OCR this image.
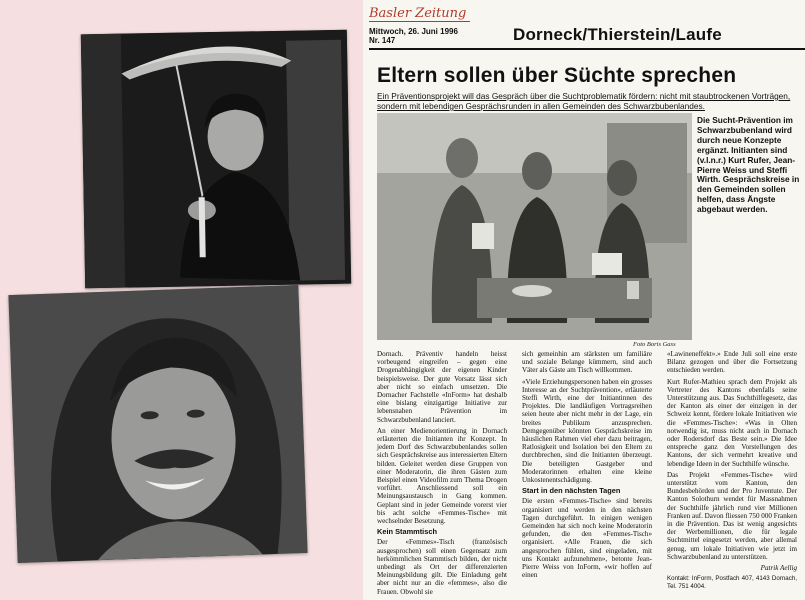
Basler Zeitung
Mittwoch, 26. Juni 1996
Nr. 147	Dorneck/Thierstein/Laufe
Eltern sollen über Süchte sprechen
Ein Präventionsprojekt will das Gespräch über die Suchtproblematik fördern: nicht mit staubtrockenen Vorträgen, sondern mit lebendigen Gesprächsrunden in allen Gemeinden des Schwarzbubenlandes.
Die Sucht-Prävention im Schwarzbubenland wird durch neue Konzepte ergänzt. Initianten sind (v.l.n.r.) Kurt Rufer, Jean-Pierre Weiss und Steffi Wirth. Gesprächskreise in den Gemeinden sollen helfen, dass Ängste abgebaut werden.
Foto Boris Gass

Dornach. Präventiv handeln heisst vorbeugend eingreifen – gegen eine Drogenabhängigkeit der eigenen Kinder beispielsweise. Der gute Vorsatz lässt sich aber nicht so einfach umsetzen. Die Dornacher Fachstelle «InForm» hat deshalb eine bislang einzigartige Initiative zur lebensnahen Prävention im Schwarzbubenland lanciert.

An einer Medienorientierung in Dornach erläuterten die Initianten ihr Konzept. In jedem Dorf des Schwarzbubenlandes sollen sich Gesprächskreise aus interessierten Eltern bilden. Geleitet werden diese Gruppen von einer Moderatorin, die ihren Gästen zum Beispiel einen Videofilm zum Thema Drogen vorführt. Anschliessend soll ein Meinungsaustausch in Gang kommen. Geplant sind in jeder Gemeinde vorerst vier bis acht solche «Femmes-Tische» mit wechselnder Besetzung.

Kein Stammtisch

Der «Femmes»-Tisch (französisch ausgesprochen) soll einen Gegensatz zum herkömmlichen Stammtisch bilden, der nicht unbedingt als Ort der differenzierten Meinungsbildung gilt. Die Einladung geht aber nicht nur an die «femmes», also die Frauen. Obwohl sie

sich gemeinhin am stärksten um familiäre und soziale Belange kümmern, sind auch Väter als Gäste am Tisch willkommen.

«Viele Erziehungspersonen haben ein grosses Interesse an der Suchtprävention», erläuterte Steffi Wirth, eine der Initiantinnen des Projektes. Die landläufigen Vortragsreihen seien heute aber nicht mehr in der Lage, ein breites Publikum anzusprechen. Demgegenüber könnten Gesprächskreise im häuslichen Rahmen viel eher dazu beitragen, Ratlosigkeit und Isolation bei den Eltern zu durchbrechen, sind die Initianten überzeugt. Die beteiligten Gastgeber und Moderatorinnen erhalten eine kleine Unkostenentschädigung.

Start in den nächsten Tagen

Die ersten «Femmes-Tische» sind bereits organisiert und werden in den nächsten Tagen durchgeführt. In einigen wenigen Gemeinden hat sich noch keine Moderatorin gefunden, die den «Femmes-Tisch» organisiert. «Alle Frauen, die sich angesprochen fühlen, sind eingeladen, mit uns Kontakt aufzunehmen», betonte Jean-Pierre Weiss von InForm, «wir hoffen auf einen

«Lawineneffekt».» Ende Juli soll eine erste Bilanz gezogen und über die Fortsetzung entschieden werden.

Kurt Rufer-Mathieu sprach dem Projekt als Vertreter des Kantons ebenfalls seine Unterstützung aus. Das Suchthilfegesetz, das der Kanton als einer der einzigen in der Schweiz kennt, fördere lokale Initiativen wie die «Femmes-Tische»: «Was in Olten notwendig ist, muss nicht auch in Dornach oder Rodersdorf das Beste sein.» Die Idee entspreche ganz den Vorstellungen des Kantons, der sich vermehrt kreative und lebendige Ideen in der Suchthilfe wünsche.

Das Projekt «Femmes-Tische» wird unterstützt vom Kanton, den Bundesbehörden und der Pro Juventute. Der Kanton Solothurn wendet für Massnahmen der Suchthilfe jährlich rund vier Millionen Franken auf. Davon fliessen 750 000 Franken in die Prävention. Das ist wenig angesichts der Werbemillionen, die für legale Suchtmittel eingesetzt werden, aber allemal genug, um lokale Initiativen wie jetzt im Schwarzbubenland zu unterstützen.

Patrik Aellig
Kontakt: InForm, Postfach 407, 4143 Dornach, Tel. 751 4004.
